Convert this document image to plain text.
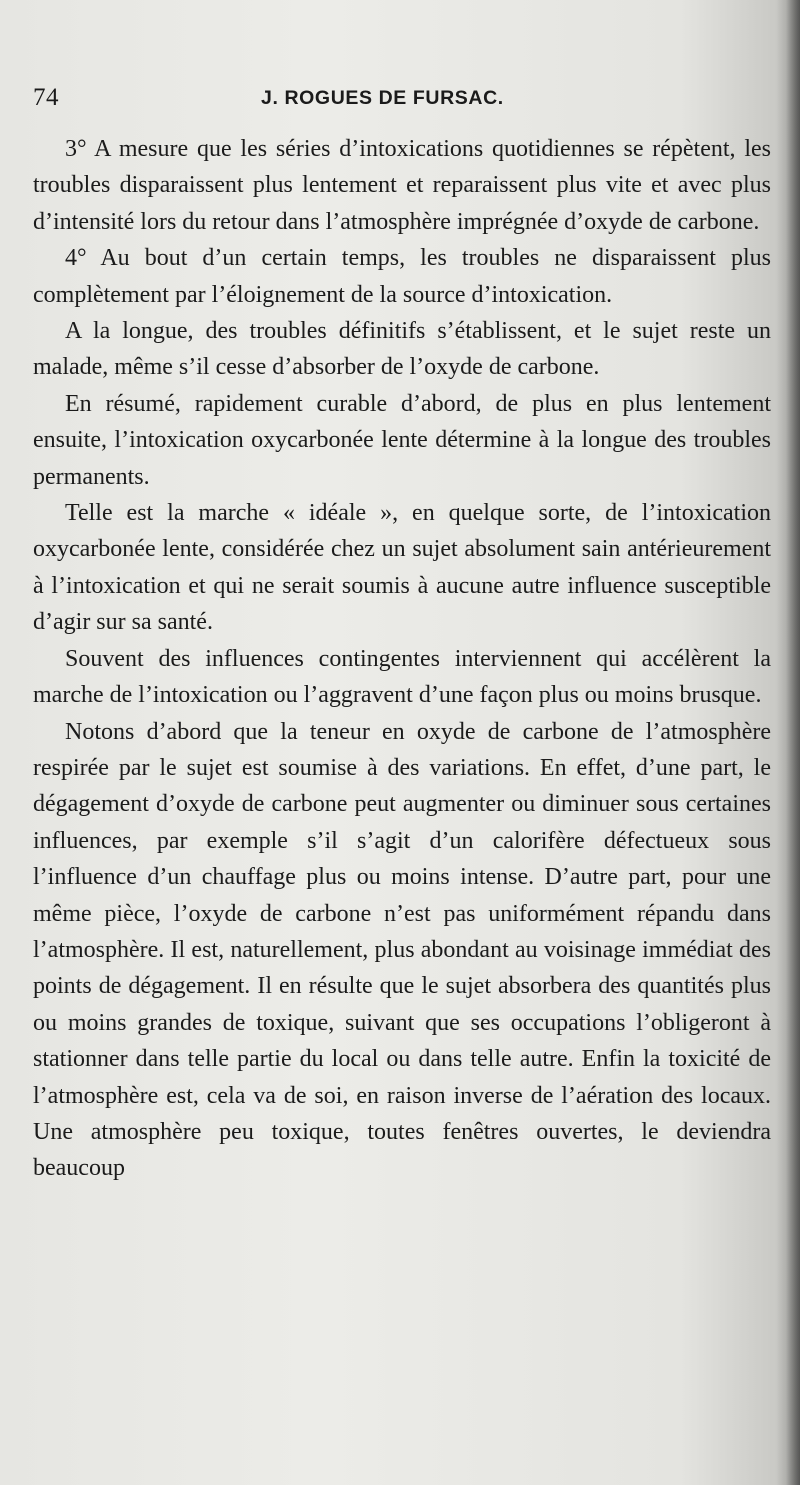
74	J. ROGUES DE FURSAC.

3° A mesure que les séries d’intoxications quotidiennes se répètent, les troubles disparaissent plus lentement et reparaissent plus vite et avec plus d’intensité lors du retour dans l’atmosphère imprégnée d’oxyde de carbone.

4° Au bout d’un certain temps, les troubles ne disparaissent plus complètement par l’éloignement de la source d’intoxication.

A la longue, des troubles définitifs s’établissent, et le sujet reste un malade, même s’il cesse d’absorber de l’oxyde de carbone.

En résumé, rapidement curable d’abord, de plus en plus lentement ensuite, l’intoxication oxycarbonée lente détermine à la longue des troubles permanents.

Telle est la marche « idéale », en quelque sorte, de l’intoxication oxycarbonée lente, considérée chez un sujet absolument sain antérieurement à l’intoxication et qui ne serait soumis à aucune autre influence susceptible d’agir sur sa santé.

Souvent des influences contingentes interviennent qui accélèrent la marche de l’intoxication ou l’aggravent d’une façon plus ou moins brusque.

Notons d’abord que la teneur en oxyde de carbone de l’atmosphère respirée par le sujet est soumise à des variations. En effet, d’une part, le dégagement d’oxyde de carbone peut augmenter ou diminuer sous certaines influences, par exemple s’il s’agit d’un calorifère défectueux sous l’influence d’un chauffage plus ou moins intense. D’autre part, pour une même pièce, l’oxyde de carbone n’est pas uniformément répandu dans l’atmosphère. Il est, naturellement, plus abondant au voisinage immédiat des points de dégagement. Il en résulte que le sujet absorbera des quantités plus ou moins grandes de toxique, suivant que ses occupations l’obligeront à stationner dans telle partie du local ou dans telle autre. Enfin la toxicité de l’atmosphère est, cela va de soi, en raison inverse de l’aération des locaux. Une atmosphère peu toxique, toutes fenêtres ouvertes, le deviendra beaucoup
